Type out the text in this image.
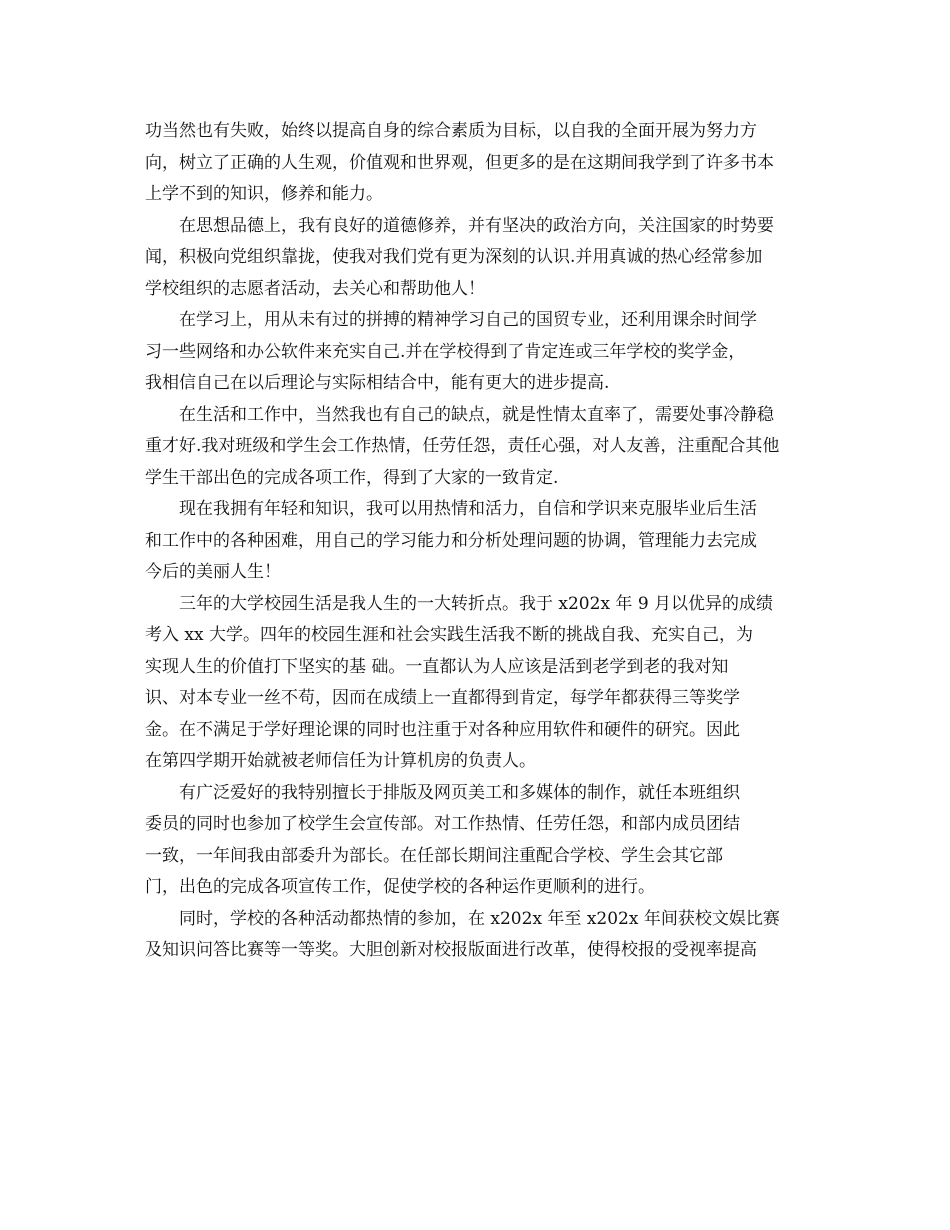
功当然也有失败，始终以提高自身的综合素质为目标，以自我的全面开展为努力方
向，树立了正确的人生观，价值观和世界观，但更多的是在这期间我学到了许多书本
上学不到的知识，修养和能力。

在思想品德上，我有良好的道德修养，并有坚决的政治方向，关注国家的时势要
闻，积极向党组织靠拢，使我对我们党有更为深刻的认识.并用真诚的热心经常参加
学校组织的志愿者活动，去关心和帮助他人！

在学习上，用从未有过的拼搏的精神学习自己的国贸专业，还利用课余时间学
习一些网络和办公软件来充实自己.并在学校得到了肯定连或三年学校的奖学金，
我相信自己在以后理论与实际相结合中，能有更大的进步提高.

在生活和工作中，当然我也有自己的缺点，就是性情太直率了，需要处事冷静稳
重才好.我对班级和学生会工作热情，任劳任怨，责任心强，对人友善，注重配合其他
学生干部出色的完成各项工作，得到了大家的一致肯定.

现在我拥有年轻和知识，我可以用热情和活力，自信和学识来克服毕业后生活
和工作中的各种困难，用自己的学习能力和分析处理问题的协调，管理能力去完成
今后的美丽人生！

三年的大学校园生活是我人生的一大转折点。我于 x202x 年 9 月以优异的成绩
考入 xx 大学。四年的校园生涯和社会实践生活我不断的挑战自我、充实自己，为
实现人生的价值打下坚实的基 础。一直都认为人应该是活到老学到老的我对知
识、对本专业一丝不苟，因而在成绩上一直都得到肯定，每学年都获得三等奖学
金。在不满足于学好理论课的同时也注重于对各种应用软件和硬件的研究。因此
在第四学期开始就被老师信任为计算机房的负责人。

有广泛爱好的我特别擅长于排版及网页美工和多媒体的制作，就任本班组织
委员的同时也参加了校学生会宣传部。对工作热情、任劳任怨，和部内成员团结
一致，一年间我由部委升为部长。在任部长期间注重配合学校、学生会其它部
门，出色的完成各项宣传工作，促使学校的各种运作更顺利的进行。

同时，学校的各种活动都热情的参加，在 x202x 年至 x202x 年间获校文娱比赛
及知识问答比赛等一等奖。大胆创新对校报版面进行改革，使得校报的受视率提高
